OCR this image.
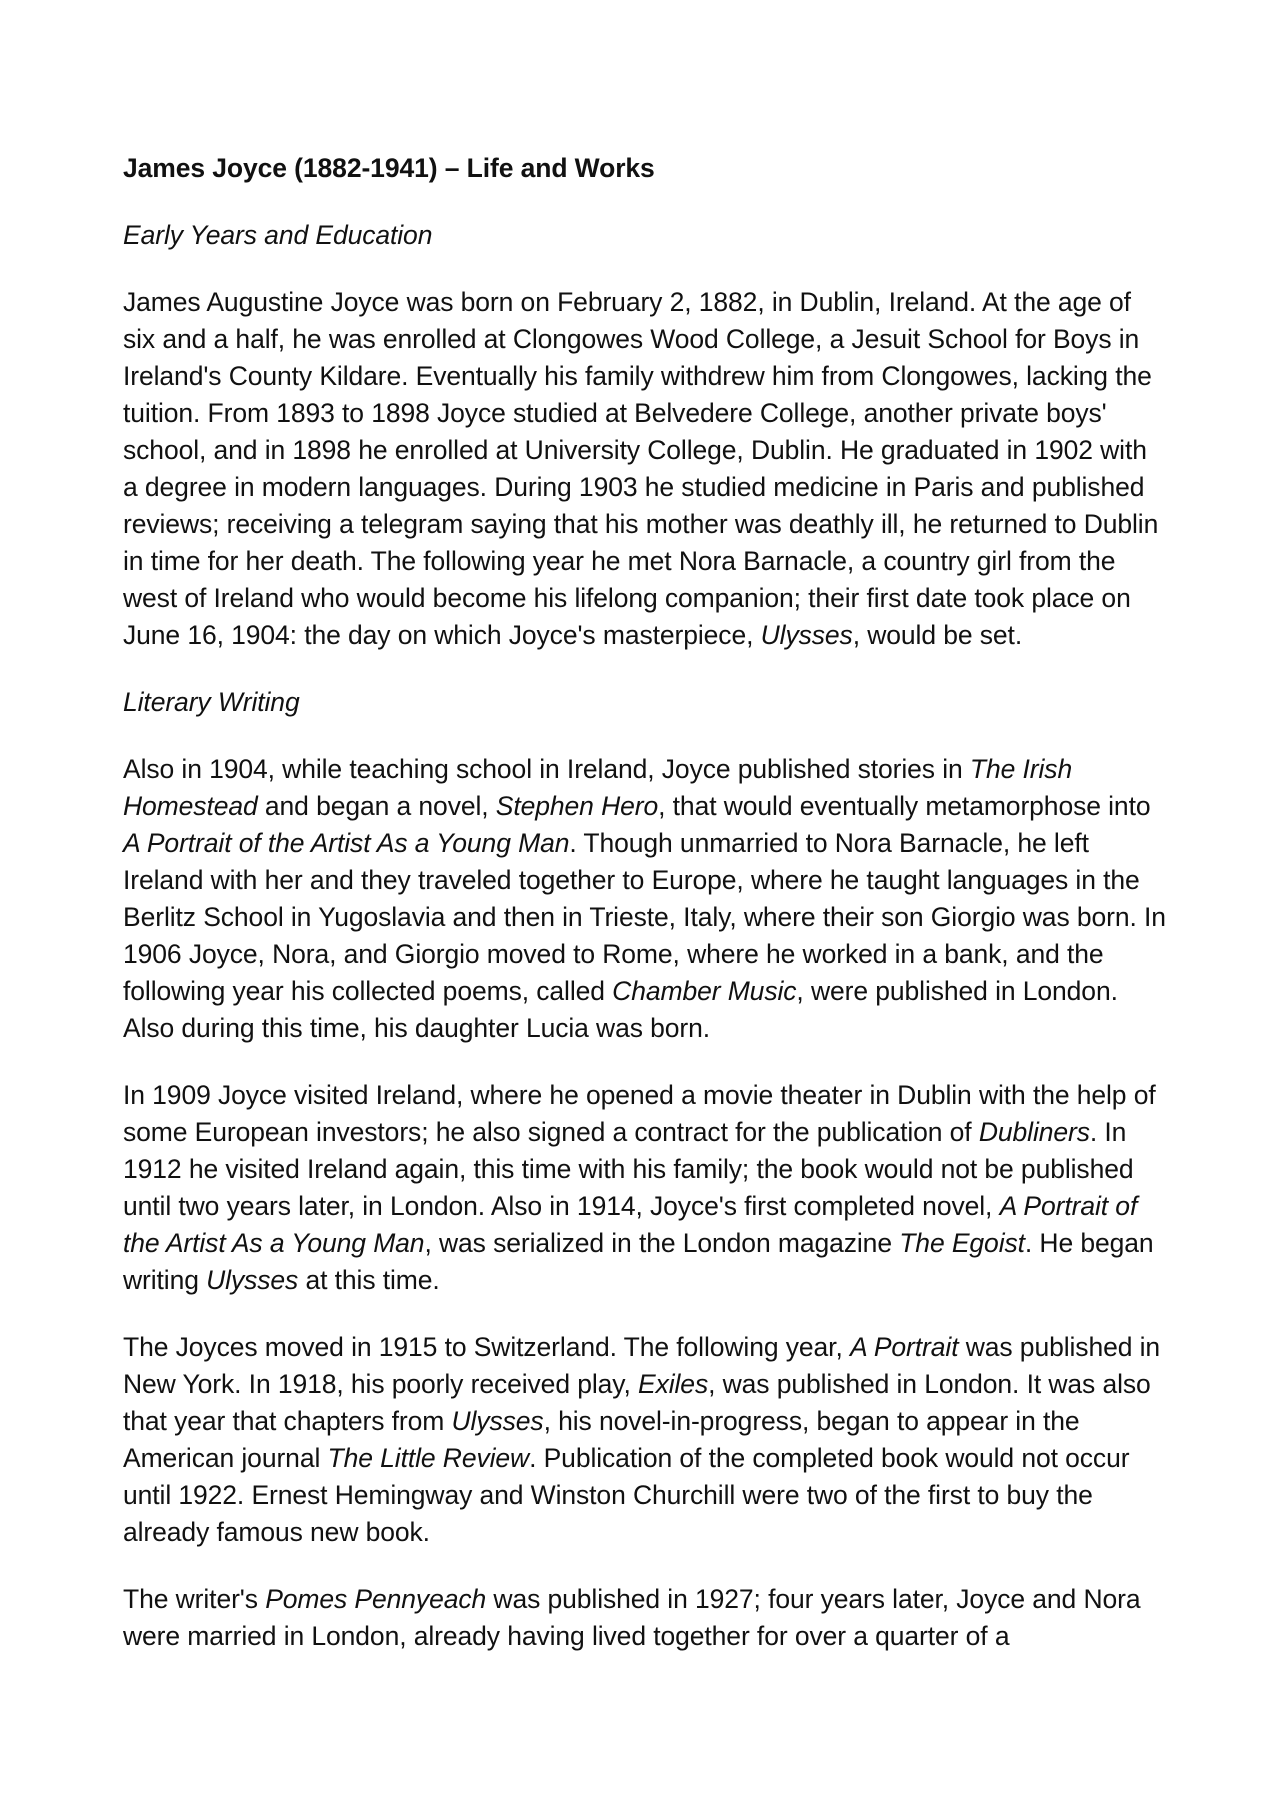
James Joyce (1882-1941) – Life and Works
Early Years and Education

James Augustine Joyce was born on February 2, 1882, in Dublin, Ireland. At the age of six and a half, he was enrolled at Clongowes Wood College, a Jesuit School for Boys in Ireland's County Kildare. Eventually his family withdrew him from Clongowes, lacking the tuition. From 1893 to 1898 Joyce studied at Belvedere College, another private boys' school, and in 1898 he enrolled at University College, Dublin. He graduated in 1902 with a degree in modern languages. During 1903 he studied medicine in Paris and published reviews; receiving a telegram saying that his mother was deathly ill, he returned to Dublin in time for her death. The following year he met Nora Barnacle, a country girl from the west of Ireland who would become his lifelong companion; their first date took place on June 16, 1904: the day on which Joyce's masterpiece, Ulysses, would be set.

Literary Writing

Also in 1904, while teaching school in Ireland, Joyce published stories in The Irish Homestead and began a novel, Stephen Hero, that would eventually metamorphose into A Portrait of the Artist As a Young Man. Though unmarried to Nora Barnacle, he left Ireland with her and they traveled together to Europe, where he taught languages in the Berlitz School in Yugoslavia and then in Trieste, Italy, where their son Giorgio was born. In 1906 Joyce, Nora, and Giorgio moved to Rome, where he worked in a bank, and the following year his collected poems, called Chamber Music, were published in London. Also during this time, his daughter Lucia was born.

In 1909 Joyce visited Ireland, where he opened a movie theater in Dublin with the help of some European investors; he also signed a contract for the publication of Dubliners. In 1912 he visited Ireland again, this time with his family; the book would not be published until two years later, in London. Also in 1914, Joyce's first completed novel, A Portrait of the Artist As a Young Man, was serialized in the London magazine The Egoist. He began writing Ulysses at this time.

The Joyces moved in 1915 to Switzerland. The following year, A Portrait was published in New York. In 1918, his poorly received play, Exiles, was published in London. It was also that year that chapters from Ulysses, his novel-in-progress, began to appear in the American journal The Little Review. Publication of the completed book would not occur until 1922. Ernest Hemingway and Winston Churchill were two of the first to buy the already famous new book.

The writer's Pomes Pennyeach was published in 1927; four years later, Joyce and Nora were married in London, already having lived together for over a quarter of a
